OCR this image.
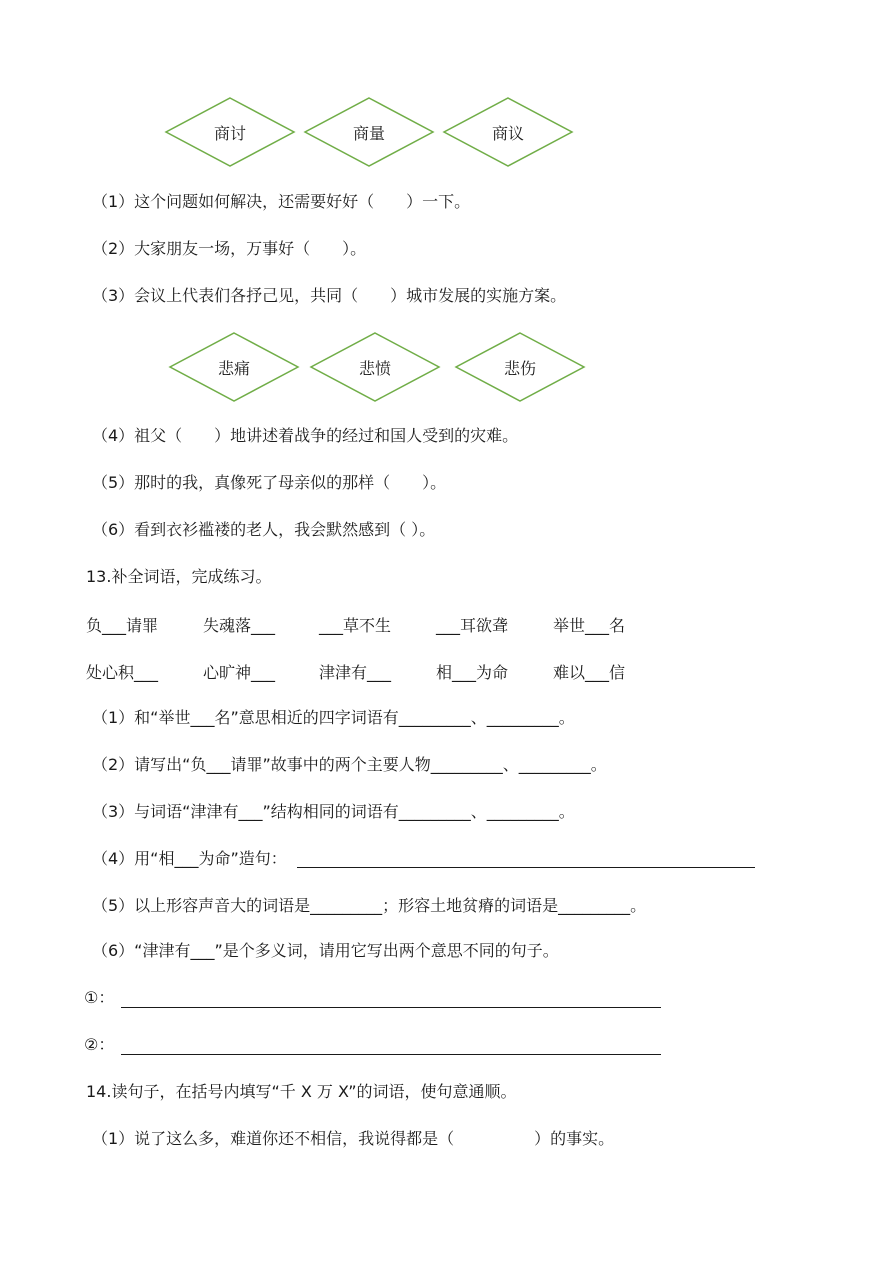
商讨	商量	商议
（1）这个问题如何解决，还需要好好（　　）一下。
（2）大家朋友一场，万事好（　　）。
（3）会议上代表们各抒己见，共同（　　）城市发展的实施方案。
悲痛	悲愤	悲伤
（4）祖父（　　）地讲述着战争的经过和国人受到的灾难。
（5）那时的我，真像死了母亲似的那样（　　）。
（6）看到衣衫褴褛的老人，我会默然感到（ ）。
13.补全词语，完成练习。
负___请罪	失魂落___	___草不生	___耳欲聋	举世___名
处心积___	心旷神___	津津有___	相___为命	难以___信
（1）和“举世___名”意思相近的四字词语有_________、_________。
（2）请写出“负___请罪”故事中的两个主要人物_________、_________。
（3）与词语“津津有___”结构相同的词语有_________、_________。
（4）用“相___为命”造句：
（5）以上形容声音大的词语是_________；形容土地贫瘠的词语是_________。
（6）“津津有___”是个多义词，请用它写出两个意思不同的句子。
①：
②：
14.读句子，在括号内填写“千 X 万 X”的词语，使句意通顺。
（1）说了这么多，难道你还不相信，我说得都是（　　　　　）的事实。
